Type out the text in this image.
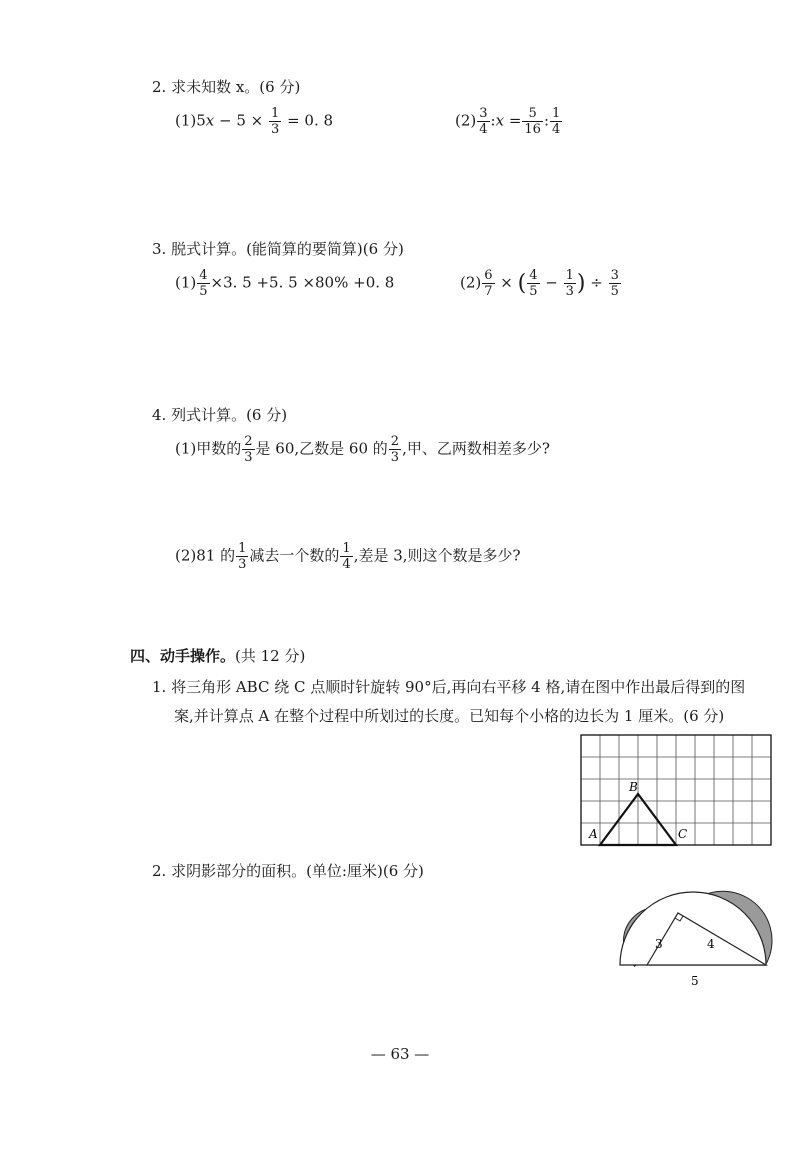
2. 求未知数 x。(6 分)
$(1)5x - 5 \times \frac{1}{3} = 0$. 8	$(2) \frac{3}{4}$ :x = $\frac{5}{16}$ : $\frac{1}{4}$
3. 脱式计算。(能简算的要简算)(6 分)
$(1) \frac{4}{5} \times 3$. 5 +5. 5 ×80% +0. 8	$(2) \frac{6}{7}$ × ( $\frac{4}{5} - \frac{1}{3}$ ) ÷ $\frac{3}{5}$
4. 列式计算。(6 分)
(1)甲数的 $\frac{2}{3}$ 是 60,乙数是 60 的 $\frac{2}{3}$ ,甲、乙两数相差多少?
(2)81 的 $\frac{1}{3}$ 减去一个数的 $\frac{1}{4}$ ,差是 3,则这个数是多少?
四、动手操作。(共 12 分)
1. 将三角形 ABC 绕 C 点顺时针旋转 90°后,再向右平移 4 格,请在图中作出最后得到的图
案,并计算点 A 在整个过程中所划过的长度。已知每个小格的边长为 1 厘米。(6 分)
A
B
C
2. 求阴影部分的面积。(单位:厘米)(6 分)
3	4
5
— 63 —
